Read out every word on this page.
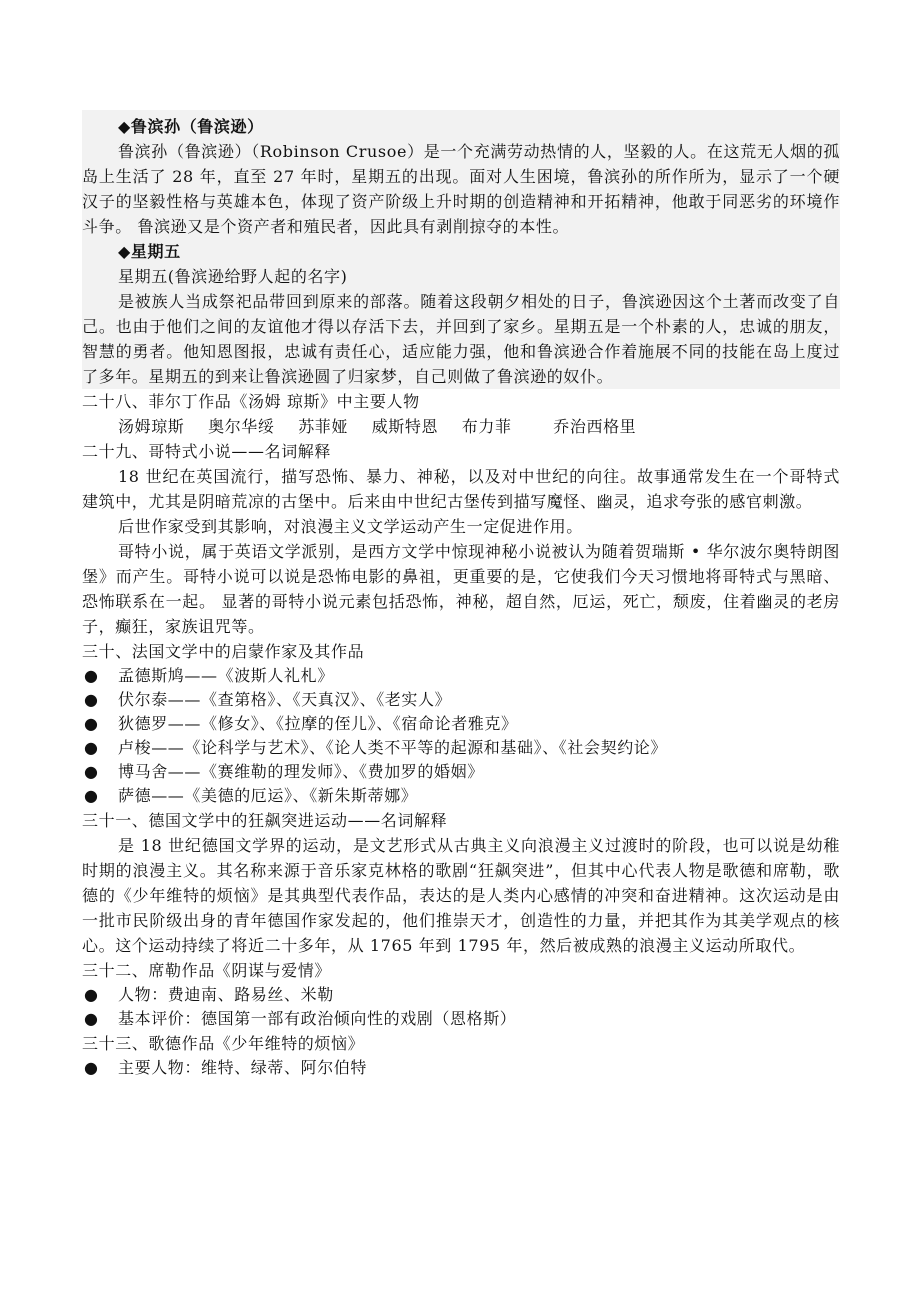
◆鲁滨孙（鲁滨逊）

鲁滨孙（鲁滨逊）（Robinson Crusoe）是一个充满劳动热情的人，坚毅的人。在这荒无人烟的孤岛上生活了 28 年，直至 27 年时，星期五的出现。面对人生困境，鲁滨孙的所作所为，显示了一个硬汉子的坚毅性格与英雄本色，体现了资产阶级上升时期的创造精神和开拓精神，他敢于同恶劣的环境作斗争。 鲁滨逊又是个资产者和殖民者，因此具有剥削掠夺的本性。

◆星期五

星期五(鲁滨逊给野人起的名字)

是被族人当成祭祀品带回到原来的部落。随着这段朝夕相处的日子，鲁滨逊因这个土著而改变了自己。也由于他们之间的友谊他才得以存活下去，并回到了家乡。星期五是一个朴素的人，忠诚的朋友，智慧的勇者。他知恩图报，忠诚有责任心，适应能力强，他和鲁滨逊合作着施展不同的技能在岛上度过了多年。星期五的到来让鲁滨逊圆了归家梦，自己则做了鲁滨逊的奴仆。

二十八、菲尔丁作品《汤姆 琼斯》中主要人物

汤姆琼斯 奥尔华绥 苏菲娅 威斯特恩 布力菲	乔治西格里

二十九、哥特式小说——名词解释

18 世纪在英国流行，描写恐怖、暴力、神秘，以及对中世纪的向往。故事通常发生在一个哥特式建筑中，尤其是阴暗荒凉的古堡中。后来由中世纪古堡传到描写魔怪、幽灵，追求夸张的感官刺激。

后世作家受到其影响，对浪漫主义文学运动产生一定促进作用。

哥特小说，属于英语文学派别，是西方文学中惊现神秘小说被认为随着贺瑞斯 • 华尔波尔奥特朗图堡》而产生。哥特小说可以说是恐怖电影的鼻祖，更重要的是，它使我们今天习惯地将哥特式与黑暗、恐怖联系在一起。 显著的哥特小说元素包括恐怖，神秘，超自然，厄运，死亡，颓废，住着幽灵的老房子，癫狂，家族诅咒等。

三十、法国文学中的启蒙作家及其作品

● 孟德斯鸠——《波斯人礼札》
● 伏尔泰——《查第格》、《天真汉》、《老实人》
● 狄德罗——《修女》、《拉摩的侄儿》、《宿命论者雅克》
● 卢梭——《论科学与艺术》、《论人类不平等的起源和基础》、《社会契约论》
● 博马舍——《赛维勒的理发师》、《费加罗的婚姻》
● 萨德——《美德的厄运》、《新朱斯蒂娜》

三十一、德国文学中的狂飙突进运动——名词解释

是 18 世纪德国文学界的运动，是文艺形式从古典主义向浪漫主义过渡时的阶段，也可以说是幼稚时期的浪漫主义。其名称来源于音乐家克林格的歌剧“狂飙突进”，但其中心代表人物是歌德和席勒，歌德的《少年维特的烦恼》是其典型代表作品，表达的是人类内心感情的冲突和奋进精神。这次运动是由一批市民阶级出身的青年德国作家发起的，他们推崇天才，创造性的力量，并把其作为其美学观点的核心。这个运动持续了将近二十多年，从 1765 年到 1795 年，然后被成熟的浪漫主义运动所取代。

三十二、席勒作品《阴谋与爱情》

● 人物：费迪南、路易丝、米勒
● 基本评价：德国第一部有政治倾向性的戏剧（恩格斯）

三十三、歌德作品《少年维特的烦恼》

● 主要人物：维特、绿蒂、阿尔伯特
